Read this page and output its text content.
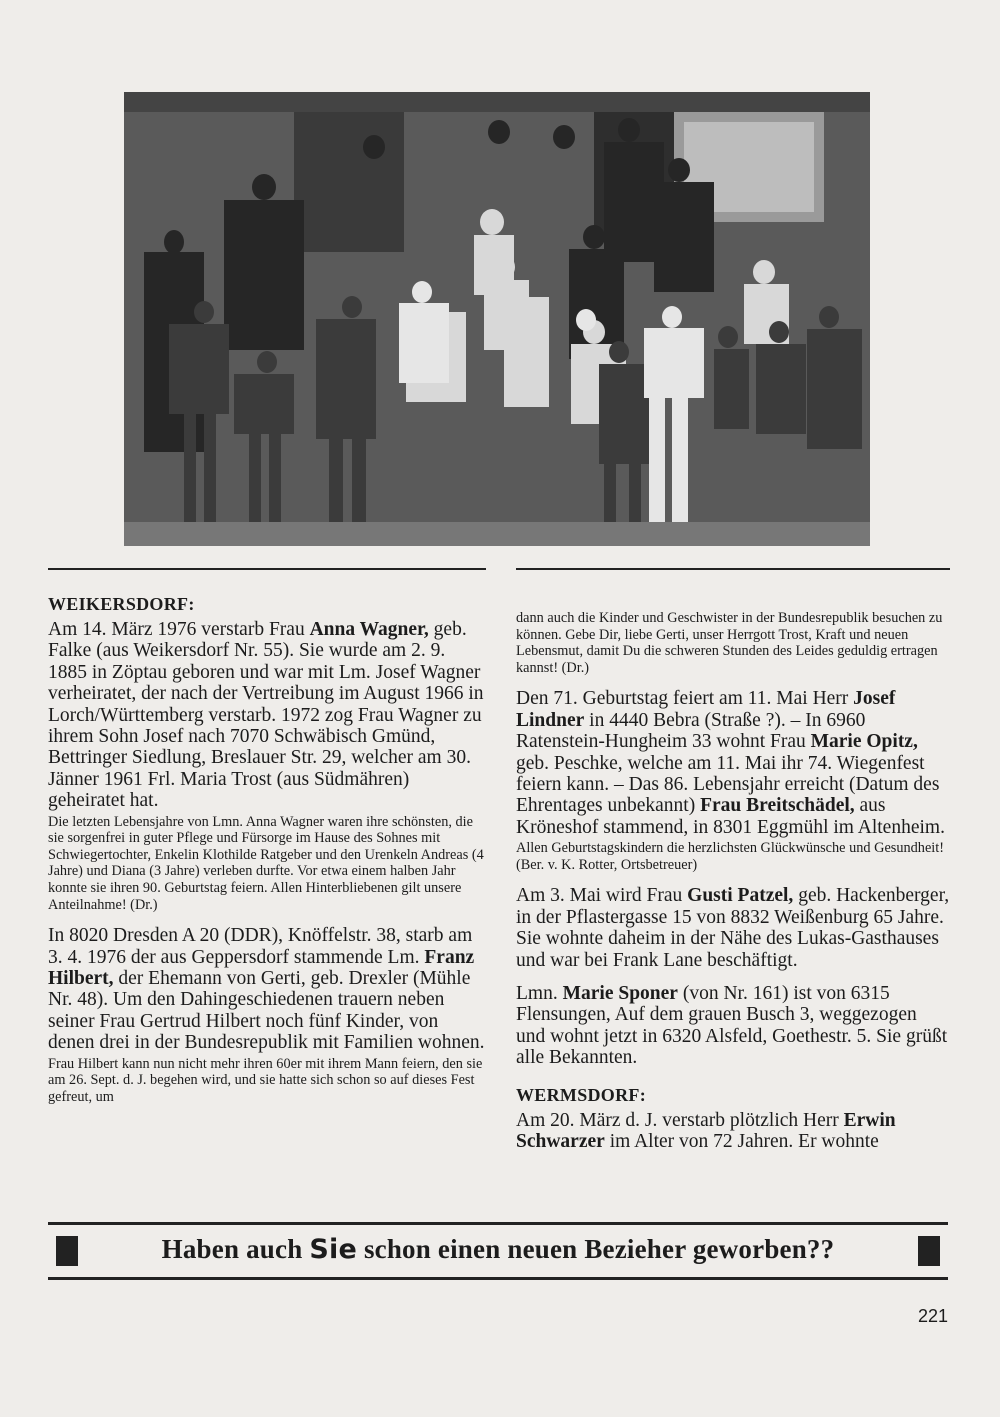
WEIKERSDORF:

Am 14. März 1976 verstarb Frau Anna Wagner, geb. Falke (aus Weikersdorf Nr. 55). Sie wurde am 2. 9. 1885 in Zöptau geboren und war mit Lm. Josef Wagner verheiratet, der nach der Vertreibung im August 1966 in Lorch/Württemberg verstarb. 1972 zog Frau Wagner zu ihrem Sohn Josef nach 7070 Schwäbisch Gmünd, Bettringer Siedlung, Breslauer Str. 29, welcher am 30. Jänner 1961 Frl. Maria Trost (aus Südmähren) geheiratet hat.

Die letzten Lebensjahre von Lmn. Anna Wagner waren ihre schönsten, die sie sorgenfrei in guter Pflege und Fürsorge im Hause des Sohnes mit Schwiegertochter, Enkelin Klothilde Ratgeber und den Urenkeln Andreas (4 Jahre) und Diana (3 Jahre) verleben durfte. Vor etwa einem halben Jahr konnte sie ihren 90. Geburtstag feiern. Allen Hinterbliebenen gilt unsere Anteilnahme! (Dr.)

In 8020 Dresden A 20 (DDR), Knöffelstr. 38, starb am 3. 4. 1976 der aus Geppersdorf stammende Lm. Franz Hilbert, der Ehemann von Gerti, geb. Drexler (Mühle Nr. 48). Um den Dahingeschiedenen trauern neben seiner Frau Gertrud Hilbert noch fünf Kinder, von denen drei in der Bundesrepublik mit Familien wohnen.

Frau Hilbert kann nun nicht mehr ihren 60er mit ihrem Mann feiern, den sie am 26. Sept. d. J. begehen wird, und sie hatte sich schon so auf dieses Fest gefreut, um

dann auch die Kinder und Geschwister in der Bundesrepublik besuchen zu können. Gebe Dir, liebe Gerti, unser Herrgott Trost, Kraft und neuen Lebensmut, damit Du die schweren Stunden des Leides geduldig ertragen kannst! (Dr.)

Den 71. Geburtstag feiert am 11. Mai Herr Josef Lindner in 4440 Bebra (Straße ?). – In 6960 Ratenstein-Hungheim 33 wohnt Frau Marie Opitz, geb. Peschke, welche am 11. Mai ihr 74. Wiegenfest feiern kann. – Das 86. Lebensjahr erreicht (Datum des Ehrentages unbekannt) Frau Breitschädel, aus Kröneshof stammend, in 8301 Eggmühl im Altenheim.

Allen Geburtstagskindern die herzlichsten Glückwünsche und Gesundheit! (Ber. v. K. Rotter, Ortsbetreuer)

Am 3. Mai wird Frau Gusti Patzel, geb. Hackenberger, in der Pflastergasse 15 von 8832 Weißenburg 65 Jahre. Sie wohnte daheim in der Nähe des Lukas-Gasthauses und war bei Frank Lane beschäftigt.

Lmn. Marie Sponer (von Nr. 161) ist von 6315 Flensungen, Auf dem grauen Busch 3, weggezogen und wohnt jetzt in 6320 Alsfeld, Goethestr. 5. Sie grüßt alle Bekannten.

WERMSDORF:

Am 20. März d. J. verstarb plötzlich Herr Erwin Schwarzer im Alter von 72 Jahren. Er wohnte

Haben auch Sie schon einen neuen Bezieher geworben??
221
